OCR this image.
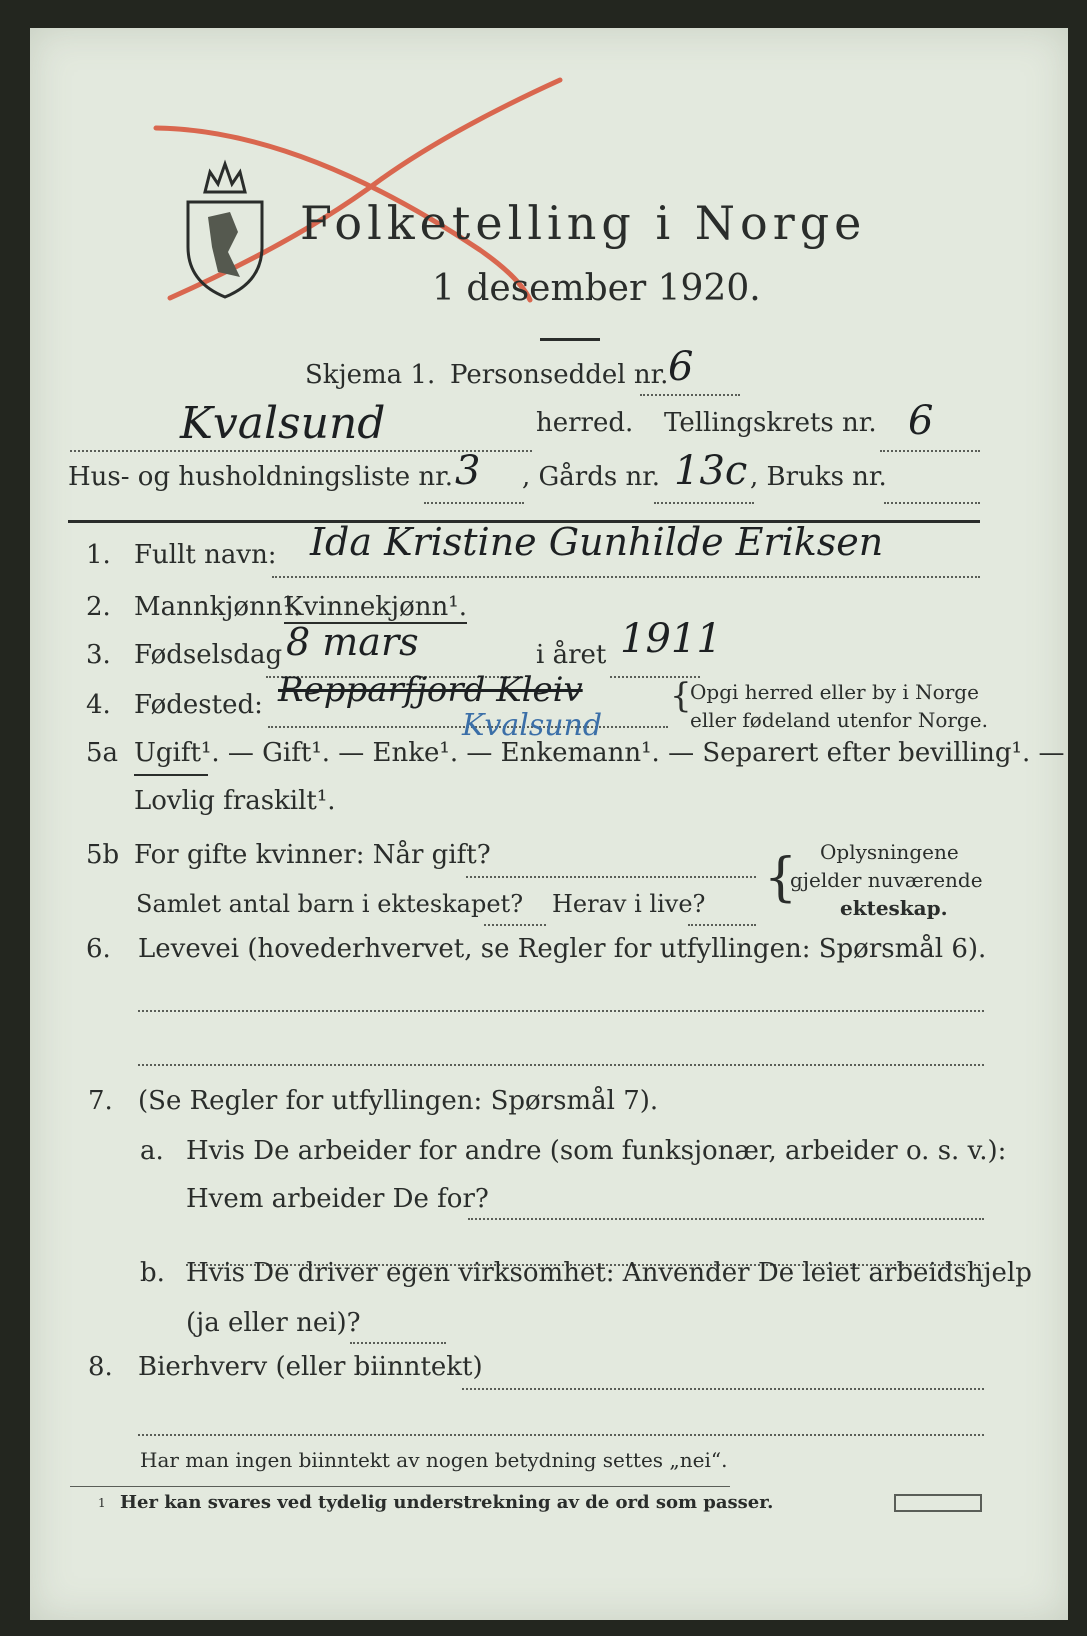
Folketelling i Norge
1 desember 1920.
Skjema 1. Personseddel nr. 6
Kvalsund	herred. Tellingskrets nr. 6
Hus- og husholdningsliste nr. 3 , Gårds nr. 13c , Bruks nr.
1. Fullt navn: Ida Kristine Gunhilde Eriksen
2. Mannkjønn¹.
Kvinnekjønn¹.
3. Fødselsdag 8 mars	i året 1911
4. Fødested: Repparfjord Kleiv
Kvalsund
{
Opgi herred eller by i Norge
eller fødeland utenfor Norge.
5a Ugift¹. — Gift¹. — Enke¹. — Enkemann¹. — Separert efter bevilling¹. —
Lovlig fraskilt¹.
5b For gifte kvinner: Når gift?
Samlet antal barn i ekteskapet? Herav i live? { Oplysningene
gjelder nuværende
ekteskap.
6. Levevei (hovederhvervet, se Regler for utfyllingen: Spørsmål 6).
7. (Se Regler for utfyllingen: Spørsmål 7).
a. Hvis De arbeider for andre (som funksjonær, arbeider o. s. v.):
Hvem arbeider De for?
b. Hvis De driver egen virksomhet: Anvender De leiet arbeidshjelp
(ja eller nei)?
8. Bierhverv (eller biinntekt)
Har man ingen biinntekt av nogen betydning settes „nei“.
1 Her kan svares ved tydelig understrekning av de ord som passer.
